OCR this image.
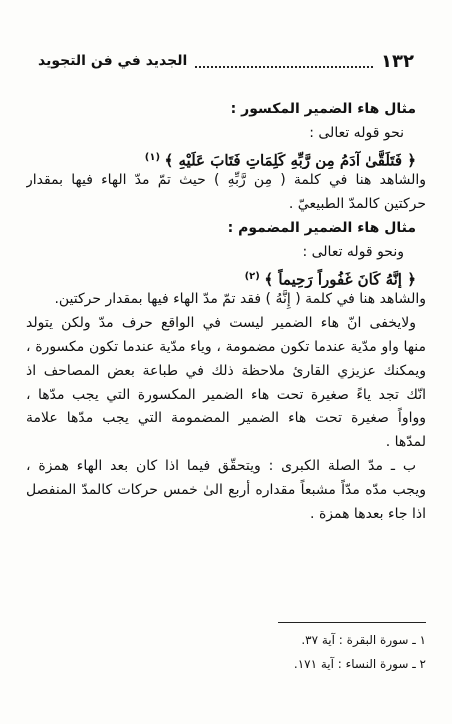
١٣٢
الجديد في فن التجويد
مثال هاء الضمير المكسور :
نحو قوله تعالى :
﴿ فَتَلَقَّىٰ آدَمُ مِن رَّبِّهِ كَلِمَاتٍ فَتَابَ عَلَيْهِ ﴾ $^{(١)}$
والشاهد هنا في كلمة ( مِن رَّبِّهِ ) حيث تمّ مدّ الهاء فيها بمقدار
حركتين كالمدّ الطبيعيّ .
مثال هاء الضمير المضموم :
ونحو قوله تعالى :
﴿ إِنَّهُ كَانَ غَفُوراً رَحِيماً ﴾ $^{(٢)}$
والشاهد هنا في كلمة ( إِنَّهُ ) فقد تمّ مدّ الهاء فيها بمقدار حركتين.
ولايخفى انّ هاء الضمير ليست في الواقع حرف مدّ ولكن يتولد
منها واو مدّية عندما تكون مضمومة ، وياء مدّية عندما تكون مكسورة ،
ويمكنك عزيزي القارئ ملاحظة ذلك في طباعة بعض المصاحف اذ
انّك تجد ياءً صغيرة تحت هاء الضمير المكسورة التي يجب مدّها ،
وواواً صغيرة تحت هاء الضمير المضمومة التي يجب مدّها علامة
لمدّها .
ب ـ مدّ الصلة الكبرى : ويتحقّق فيما اذا كان بعد الهاء همزة ،
ويجب مدّه مدّاً مشبعاً مقداره أربع الىٰ خمس حركات كالمدّ المنفصل
اذا جاء بعدها همزة .
١ ـ سورة البقرة : آية ٣٧.
٢ ـ سورة النساء : آية ١٧١.
